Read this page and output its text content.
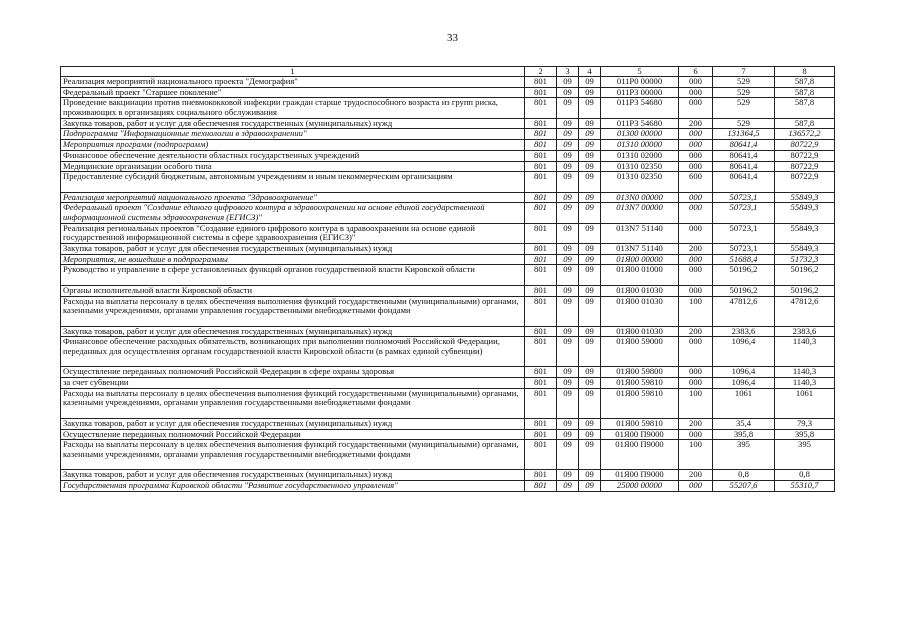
33
1	2	3	4	5	6	7	8
Реализация мероприятий национального проекта "Демография"	801	09	09	011Р0 00000	000	529	587,8
Федеральный проект "Старшее поколение"	801	09	09	011Р3 00000	000	529	587,8
Проведение вакцинации против пневмококковой инфекции граждан старше трудоспособного возраста из групп риска, проживающих в организациях социального обслуживания	801	09	09	011Р3 54680	000	529	587,8
Закупка товаров, работ и услуг для обеспечения государственных (муниципальных) нужд	801	09	09	011Р3 54680	200	529	587,8
Подпрограмма "Информационные технологии в здравоохранении"	801	09	09	01300 00000	000	131364,5	136572,2
Мероприятия программ (подпрограмм)	801	09	09	01310 00000	000	80641,4	80722,9
Финансовое обеспечение деятельности областных государственных учреждений	801	09	09	01310 02000	000	80641,4	80722,9
Медицинские организации особого типа	801	09	09	01310 02350	000	80641,4	80722,9
Предоставление субсидий бюджетным, автономным учреждениям и иным некоммерческим организациям	801	09	09	01310 02350	600	80641,4	80722,9
Реализация мероприятий национального проекта "Здравоохранение"	801	09	09	013N0 00000	000	50723,1	55849,3
Федеральный проект "Создание единого цифрового контура в здравоохранении на основе единой государственной информационной системы здравоохранения (ЕГИСЗ)"	801	09	09	013N7 00000	000	50723,1	55849,3
Реализация региональных проектов "Создание единого цифрового контура в здравоохранении на основе единой государственной информационной системы в сфере здравоохранения (ЕГИСЗ)"	801	09	09	013N7 51140	000	50723,1	55849,3
Закупка товаров, работ и услуг для обеспечения государственных (муниципальных) нужд	801	09	09	013N7 51140	200	50723,1	55849,3
Мероприятия, не вошедшие в подпрограммы	801	09	09	01Я00 00000	000	51688,4	51732,3
Руководство и управление в сфере установленных функций органов государственной власти Кировской области	801	09	09	01Я00 01000	000	50196,2	50196,2
Органы исполнительной власти Кировской области	801	09	09	01Я00 01030	000	50196,2	50196,2
Расходы на выплаты персоналу в целях обеспечения выполнения функций государственными (муниципальными) органами, казенными учреждениями, органами управления государственными внебюджетными фондами	801	09	09	01Я00 01030	100	47812,6	47812,6
Закупка товаров, работ и услуг для обеспечения государственных (муниципальных) нужд	801	09	09	01Я00 01030	200	2383,6	2383,6
Финансовое обеспечение расходных обязательств, возникающих при выполнении полномочий Российской Федерации, переданных для осуществления органам государственной власти Кировской области (в рамках единой субвенции)	801	09	09	01Я00 59000	000	1096,4	1140,3
Осуществление переданных полномочий Российской Федерации в сфере охраны здоровья	801	09	09	01Я00 59800	000	1096,4	1140,3
за счет субвенции	801	09	09	01Я00 59810	000	1096,4	1140,3
Расходы на выплаты персоналу в целях обеспечения выполнения функций государственными (муниципальными) органами, казенными учреждениями, органами управления государственными внебюджетными фондами	801	09	09	01Я00 59810	100	1061	1061
Закупка товаров, работ и услуг для обеспечения государственных (муниципальных) нужд	801	09	09	01Я00 59810	200	35,4	79,3
Осуществление переданных полномочий Российской Федерации	801	09	09	01Я00 П9000	000	395,8	395,8
Расходы на выплаты персоналу в целях обеспечения выполнения функций государственными (муниципальными) органами, казенными учреждениями, органами управления государственными внебюджетными фондами	801	09	09	01Я00 П9000	100	395	395
Закупка товаров, работ и услуг для обеспечения государственных (муниципальных) нужд	801	09	09	01Я00 П9000	200	0,8	0,8
Государственная программа Кировской области "Развитие государственного управления"	801	09	09	25000 00000	000	55207,6	55310,7
